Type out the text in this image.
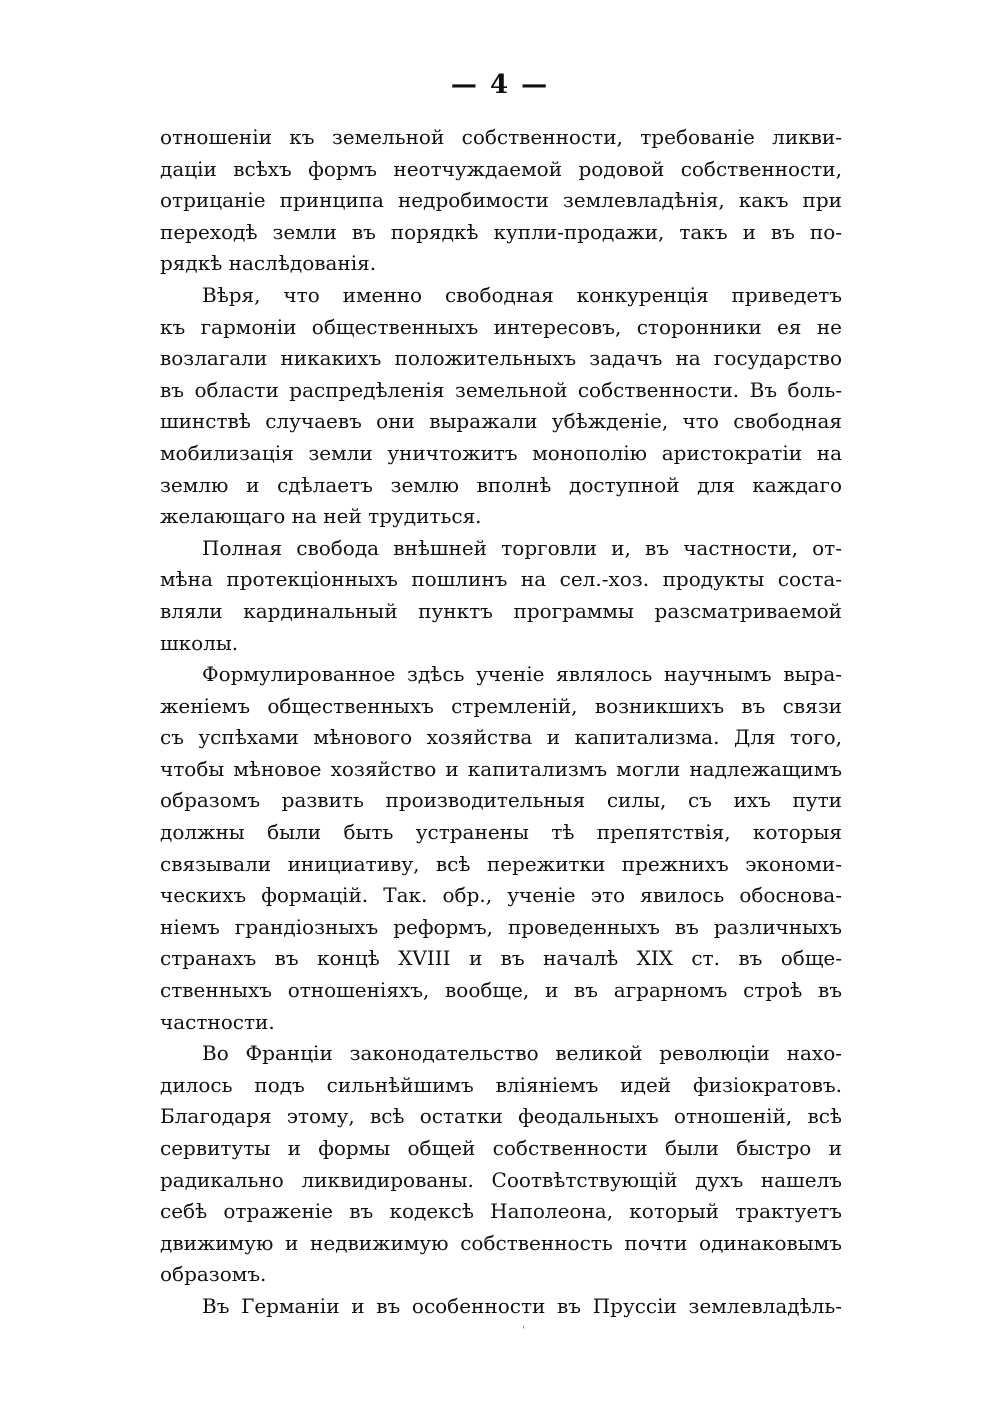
— 4 —
отношеніи къ земельной собственности, требованіе ликви-
даціи всѣхъ формъ неотчуждаемой родовой собственности,
отрицаніе принципа недробимости землевладѣнія, какъ при
переходѣ земли въ порядкѣ купли-продажи, такъ и въ по-
рядкѣ наслѣдованія.
Вѣря, что именно свободная конкуренція приведетъ
къ гармоніи общественныхъ интересовъ, сторонники ея не
возлагали никакихъ положительныхъ задачъ на государство
въ области распредѣленія земельной собственности. Въ боль-
шинствѣ случаевъ они выражали убѣжденіе, что свободная
мобилизація земли уничтожитъ монополію аристократіи на
землю и сдѣлаетъ землю вполнѣ доступной для каждаго
желающаго на ней трудиться.
Полная свобода внѣшней торговли и, въ частности, от-
мѣна протекціонныхъ пошлинъ на сел.-хоз. продукты соста-
вляли кардинальный пунктъ программы разсматриваемой
школы.
Формулированное здѣсь ученіе являлось научнымъ выра-
женіемъ общественныхъ стремленій, возникшихъ въ связи
съ успѣхами мѣнового хозяйства и капитализма. Для того,
чтобы мѣновое хозяйство и капитализмъ могли надлежащимъ
образомъ развить производительныя силы, съ ихъ пути
должны были быть устранены тѣ препятствія, которыя
связывали инициативу, всѣ пережитки прежнихъ экономи-
ческихъ формацій. Так. обр., ученіе это явилось обоснова-
ніемъ грандіозныхъ реформъ, проведенныхъ въ различныхъ
странахъ въ концѣ XVIII и въ началѣ XIX ст. въ обще-
ственныхъ отношеніяхъ, вообще, и въ аграрномъ строѣ въ
частности.
Во Франціи законодательство великой революціи нахо-
дилось подъ сильнѣйшимъ вліяніемъ идей физіократовъ.
Благодаря этому, всѣ остатки феодальныхъ отношеній, всѣ
сервитуты и формы общей собственности были быстро и
радикально ликвидированы. Соотвѣтствующій духъ нашелъ
себѣ отраженіе въ кодексѣ Наполеона, который трактуетъ
движимую и недвижимую собственность почти одинаковымъ
образомъ.
Въ Германіи и въ особенности въ Пруссіи землевладѣль-
ˈ
